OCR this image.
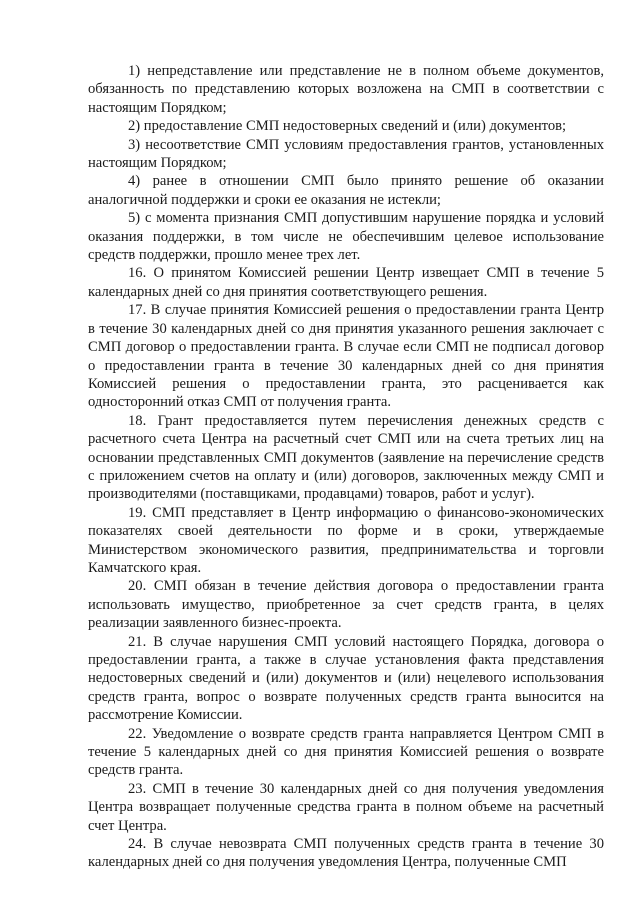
1) непредставление или представление не в полном объеме документов, обязанность по представлению которых возложена на СМП в соответствии с настоящим Порядком;

2) предоставление СМП недостоверных сведений и (или) документов;

3) несоответствие СМП условиям предоставления грантов, установленных настоящим Порядком;

4) ранее в отношении СМП было принято решение об оказании аналогичной поддержки и сроки ее оказания не истекли;

5) с момента признания СМП допустившим нарушение порядка и условий оказания поддержки, в том числе не обеспечившим целевое использование средств поддержки, прошло менее трех лет.

16. О принятом Комиссией решении Центр извещает СМП в течение 5 календарных дней со дня принятия соответствующего решения.

17. В случае принятия Комиссией решения о предоставлении гранта Центр в течение 30 календарных дней со дня принятия указанного решения заключает с СМП договор о предоставлении гранта. В случае если СМП не подписал договор о предоставлении гранта в течение 30 календарных дней со дня принятия Комиссией решения о предоставлении гранта, это расценивается как односторонний отказ СМП от получения гранта.

18. Грант предоставляется путем перечисления денежных средств с расчетного счета Центра на расчетный счет СМП или на счета третьих лиц на основании представленных СМП документов (заявление на перечисление средств с приложением счетов на оплату и (или) договоров, заключенных между СМП и производителями (поставщиками, продавцами) товаров, работ и услуг).

19. СМП представляет в Центр информацию о финансово-экономических показателях своей деятельности по форме и в сроки, утверждаемые Министерством экономического развития, предпринимательства и торговли Камчатского края.

20. СМП обязан в течение действия договора о предоставлении гранта использовать имущество, приобретенное за счет средств гранта, в целях реализации заявленного бизнес-проекта.

21. В случае нарушения СМП условий настоящего Порядка, договора о предоставлении гранта, а также в случае установления факта представления недостоверных сведений и (или) документов и (или) нецелевого использования средств гранта, вопрос о возврате полученных средств гранта выносится на рассмотрение Комиссии.

22. Уведомление о возврате средств гранта направляется Центром СМП в течение 5 календарных дней со дня принятия Комиссией решения о возврате средств гранта.

23. СМП в течение 30 календарных дней со дня получения уведомления Центра возвращает полученные средства гранта в полном объеме на расчетный счет Центра.

24. В случае невозврата СМП полученных средств гранта в течение 30 календарных дней со дня получения уведомления Центра, полученные СМП
